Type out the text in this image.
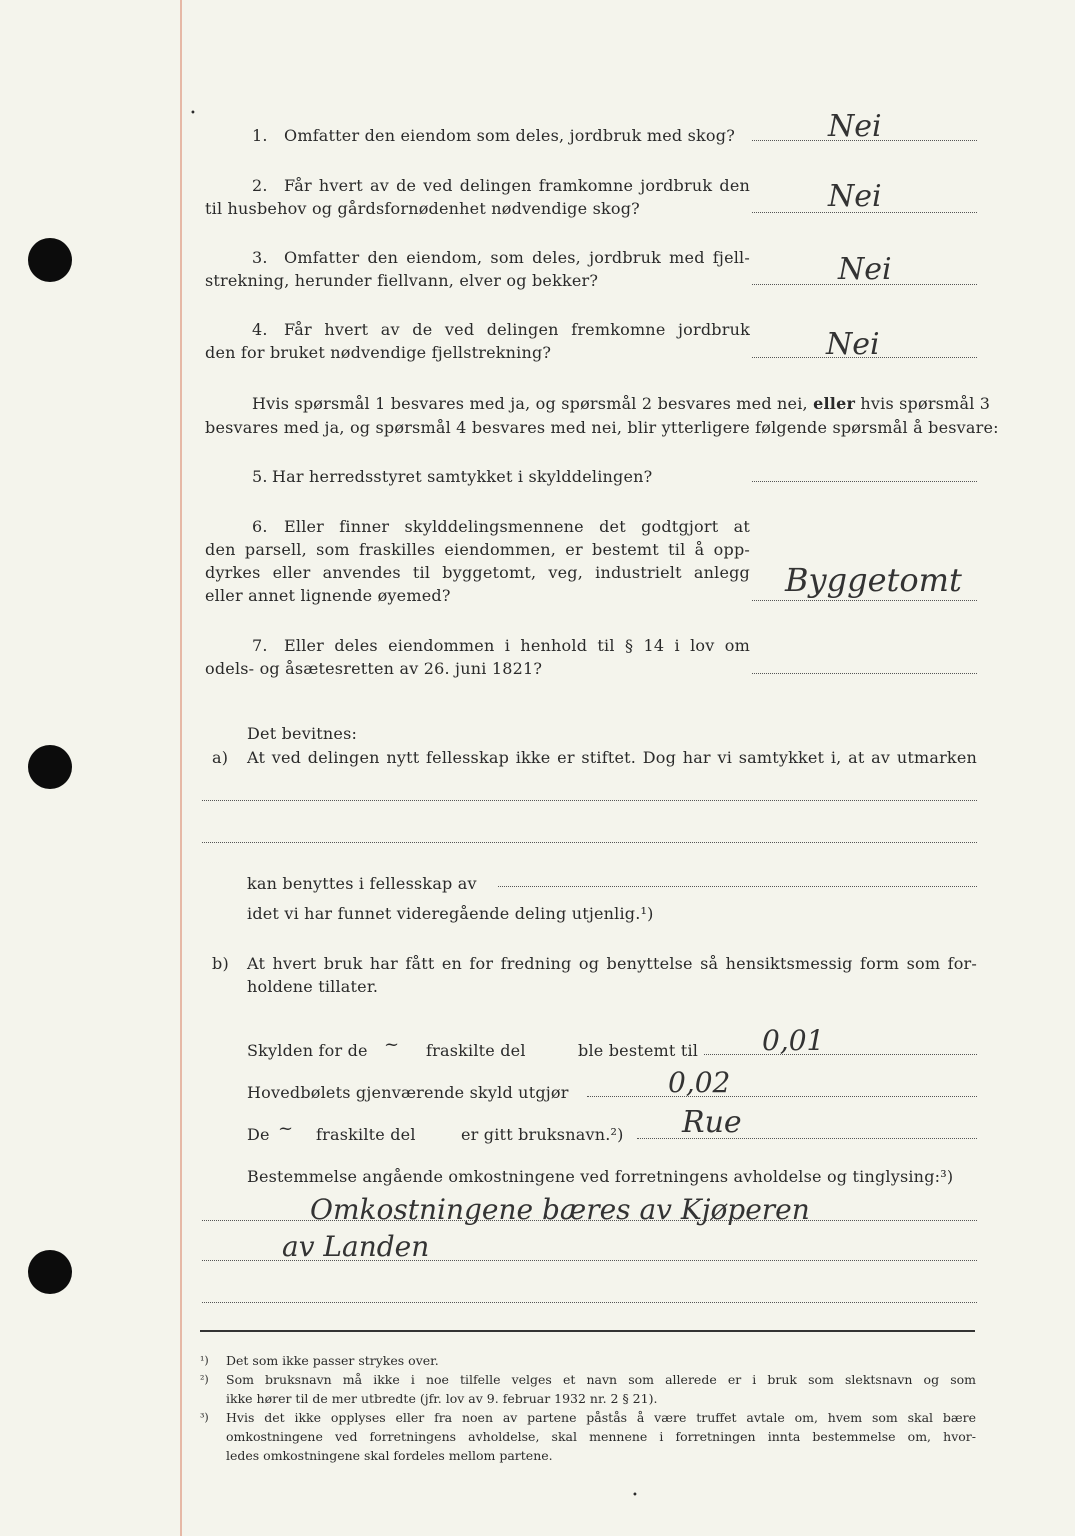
•
1. Omfatter den eiendom som deles, jordbruk med skog?	Nei
2. Får hvert av de ved delingen framkomne jordbruk den
til husbehov og gårdsfornødenhet nødvendige skog?	Nei
3. Omfatter den eiendom, som deles, jordbruk med fjell-
strekning, herunder fiellvann, elver og bekker?	Nei
4. Får hvert av de ved delingen fremkomne jordbruk
den for bruket nødvendige fjellstrekning?	Nei
Hvis spørsmål 1 besvares med ja, og spørsmål 2 besvares med nei, eller hvis spørsmål 3
besvares med ja, og spørsmål 4 besvares med nei, blir ytterligere følgende spørsmål å besvare:
5. Har herredsstyret samtykket i skylddelingen?
6. Eller finner skylddelingsmennene det godtgjort at
den parsell, som fraskilles eiendommen, er bestemt til å opp-
dyrkes eller anvendes til byggetomt, veg, industrielt anlegg
eller annet lignende øyemed?	Byggetomt
7. Eller deles eiendommen i henhold til § 14 i lov om
odels- og åsætesretten av 26. juni 1821?
Det bevitnes:
a) At ved delingen nytt fellesskap ikke er stiftet. Dog har vi samtykket i, at av utmarken
kan benyttes i fellesskap av
idet vi har funnet videregående deling utjenlig.¹)
b) At hvert bruk har fått en for fredning og benyttelse så hensiktsmessig form som for-
holdene tillater.
Skylden for de ~ fraskilte del	ble bestemt til 0,01
Hovedbølets gjenværende skyld utgjør	0,02
De ~ fraskilte del	er gitt bruksnavn.²) Rue
Bestemmelse angående omkostningene ved forretningens avholdelse og tinglysing:³)
Omkostningene bæres av Kjøperen
av Landen
¹) Det som ikke passer strykes over.
²) Som bruksnavn må ikke i noe tilfelle velges et navn som allerede er i bruk som slektsnavn og som
ikke hører til de mer utbredte (jfr. lov av 9. februar 1932 nr. 2 § 21).
³) Hvis det ikke opplyses eller fra noen av partene påstås å være truffet avtale om, hvem som skal bære
omkostningene ved forretningens avholdelse, skal mennene i forretningen innta bestemmelse om, hvor-
ledes omkostningene skal fordeles mellom partene.
•
